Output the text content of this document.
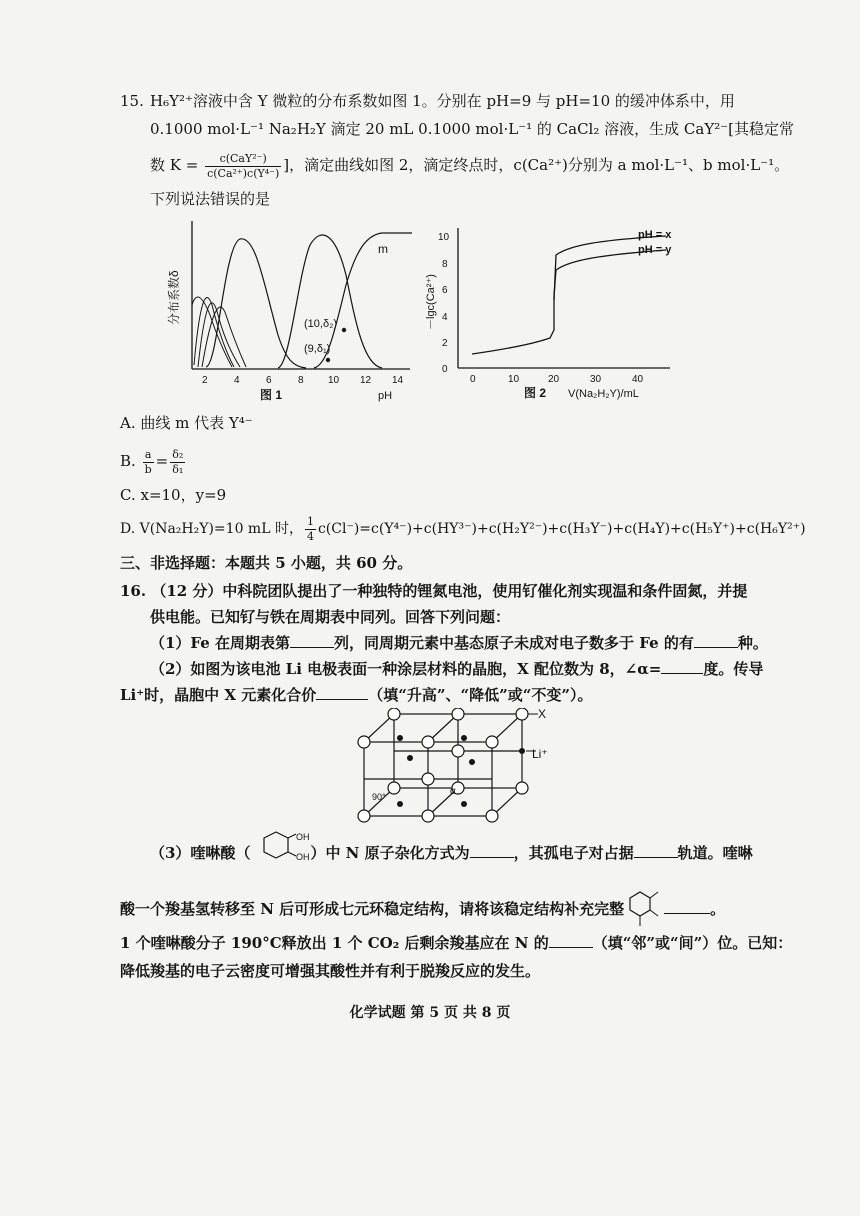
15. H₆Y²⁺溶液中含 Y 微粒的分布系数如图 1。分别在 pH=9 与 pH=10 的缓冲体系中，用
0.1000 mol·L⁻¹ Na₂H₂Y 滴定 20 mL 0.1000 mol·L⁻¹ 的 CaCl₂ 溶液，生成 CaY²⁻[其稳定常
数 $K = \frac{\text{c(CaY²⁻)}}{\text{c(Ca²⁺)c(Y⁴⁻)}}$ ]，滴定曲线如图 2，滴定终点时，c(Ca²⁺)分别为 a mol·L⁻¹、b mol·L⁻¹。
下列说法错误的是
分布系数δ
m
(10,δ₂)
(9,δ₁)
2	4	6	8 10 12 14
图 1	pH
－lgc(Ca²⁺)
0
2
4
6
8
10	pH = x
pH = y
0	10	20	30	40
图 2 V(Na₂H₂Y)/mL
A. 曲线 m 代表 Y⁴⁻
B. $\frac{a}{b} = \frac{\text{δ₂}}{\text{δ₁}}$
C. x=10，y=9
D. V(Na₂H₂Y)=10 mL 时， $\frac{1}{4} c(Cl^-)=c(Y^{4-})+c(HY^{3-})+c(H_2Y^{2-})+c(H_3Y^-)+c(H_4Y)+c(H_5Y^+)+c(H_6Y^{2+})$
三、非选择题：本题共 5 小题，共 60 分。
16. （12 分）中科院团队提出了一种独特的锂氮电池，使用钌催化剂实现温和条件固氮，并提
供电能。已知钌与铁在周期表中同列。回答下列问题：
（1）Fe 在周期表第	列，同周期元素中基态原子未成对电子数多于 Fe 的有	种。
（2）如图为该电池 Li 电极表面一种涂层材料的晶胞，X 配位数为 8，∠α=	度。传导
Li⁺时，晶胞中 X 元素化合价	（填“升高”、“降低”或“不变”）。
X
Li⁺
90°	α
（3）喹啉酸（	）中 N 原子杂化方式为	，其孤电子对占据	轨道。喹啉
OH
OH
酸一个羧基氢转移至 N 后可形成七元环稳定结构，请将该稳定结构补充完整	。
1 个喹啉酸分子 190°C释放出 1 个 CO₂ 后剩余羧基应在 N 的	（填“邻”或“间”）位。已知：
降低羧基的电子云密度可增强其酸性并有利于脱羧反应的发生。
化学试题 第 5 页 共 8 页
